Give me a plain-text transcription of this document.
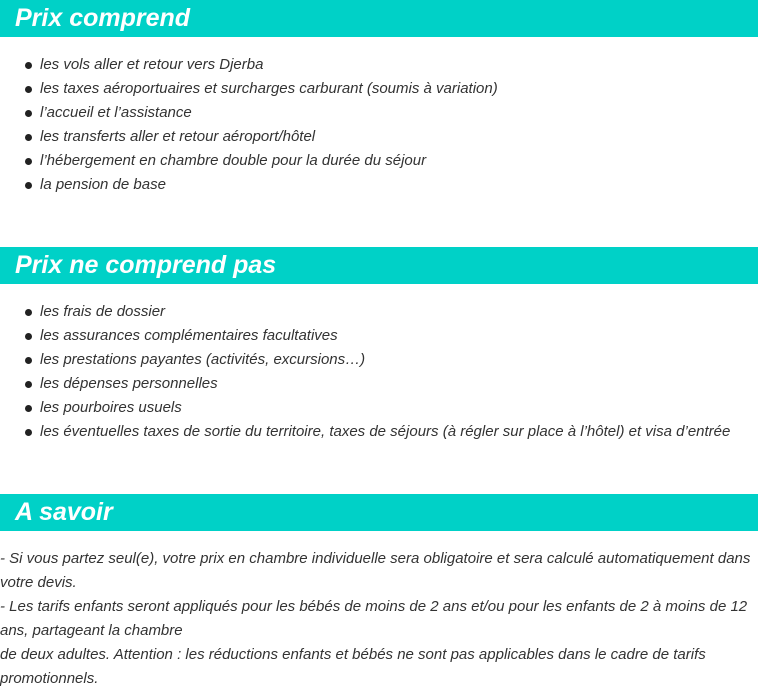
Prix comprend
les vols aller et retour vers Djerba
les taxes aéroportuaires et surcharges carburant (soumis à variation)
l’accueil et l’assistance
les transferts aller et retour aéroport/hôtel
l’hébergement en chambre double pour la durée du séjour
la pension de base
Prix ne comprend pas
les frais de dossier
les assurances complémentaires facultatives
les prestations payantes (activités, excursions…)
les dépenses personnelles
les pourboires usuels
les éventuelles taxes de sortie du territoire, taxes de séjours (à régler sur place à l’hôtel) et visa d’entrée
A savoir

- Si vous partez seul(e), votre prix en chambre individuelle sera obligatoire et sera calculé automatiquement dans votre devis.

- Les tarifs enfants seront appliqués pour les bébés de moins de 2 ans et/ou pour les enfants de 2 à moins de 12 ans, partageant la chambre

de deux adultes. Attention : les réductions enfants et bébés ne sont pas applicables dans le cadre de tarifs promotionnels.
